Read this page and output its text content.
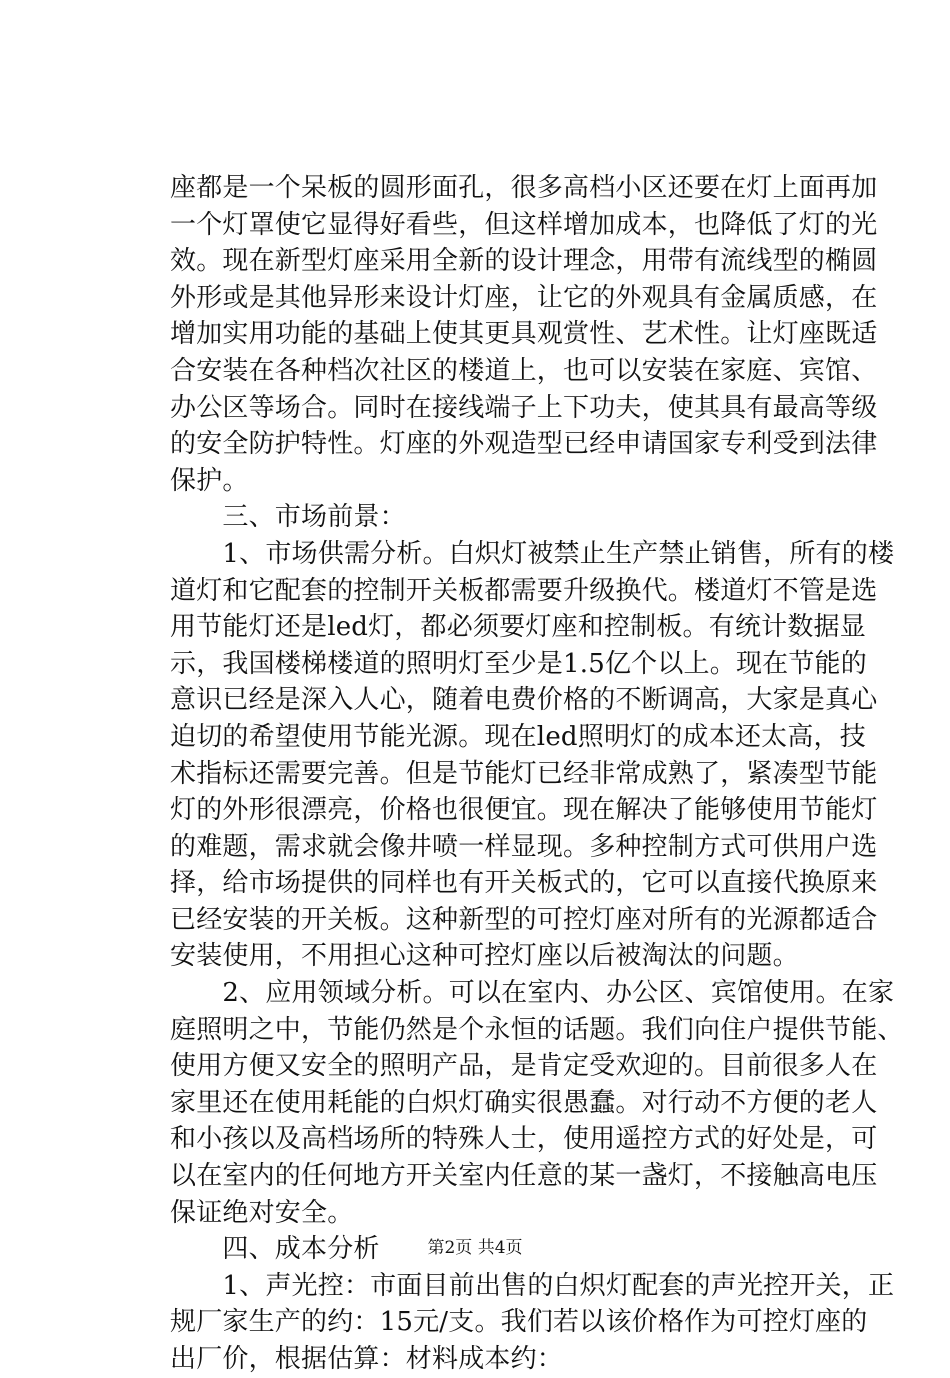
座都是一个呆板的圆形面孔，很多高档小区还要在灯上面再加
一个灯罩使它显得好看些，但这样增加成本，也降低了灯的光
效。现在新型灯座采用全新的设计理念，用带有流线型的椭圆
外形或是其他异形来设计灯座，让它的外观具有金属质感，在
增加实用功能的基础上使其更具观赏性、艺术性。让灯座既适
合安装在各种档次社区的楼道上，也可以安装在家庭、宾馆、
办公区等场合。同时在接线端子上下功夫，使其具有最高等级
的安全防护特性。灯座的外观造型已经申请国家专利受到法律
保护。
　　三、市场前景：
　　1、市场供需分析。白炽灯被禁止生产禁止销售，所有的楼
道灯和它配套的控制开关板都需要升级换代。楼道灯不管是选
用节能灯还是led灯，都必须要灯座和控制板。有统计数据显
示，我国楼梯楼道的照明灯至少是1.5亿个以上。现在节能的
意识已经是深入人心，随着电费价格的不断调高，大家是真心
迫切的希望使用节能光源。现在led照明灯的成本还太高，技
术指标还需要完善。但是节能灯已经非常成熟了，紧凑型节能
灯的外形很漂亮，价格也很便宜。现在解决了能够使用节能灯
的难题，需求就会像井喷一样显现。多种控制方式可供用户选
择，给市场提供的同样也有开关板式的，它可以直接代换原来
已经安装的开关板。这种新型的可控灯座对所有的光源都适合
安装使用，不用担心这种可控灯座以后被淘汰的问题。
　　2、应用领域分析。可以在室内、办公区、宾馆使用。在家
庭照明之中，节能仍然是个永恒的话题。我们向住户提供节能、
使用方便又安全的照明产品，是肯定受欢迎的。目前很多人在
家里还在使用耗能的白炽灯确实很愚蠢。对行动不方便的老人
和小孩以及高档场所的特殊人士，使用遥控方式的好处是，可
以在室内的任何地方开关室内任意的某一盏灯，不接触高电压
保证绝对安全。
　　四、成本分析
　　1、声光控：市面目前出售的白炽灯配套的声光控开关，正
规厂家生产的约：15元/支。我们若以该价格作为可控灯座的
出厂价，根据估算：材料成本约：
第2页 共4页
